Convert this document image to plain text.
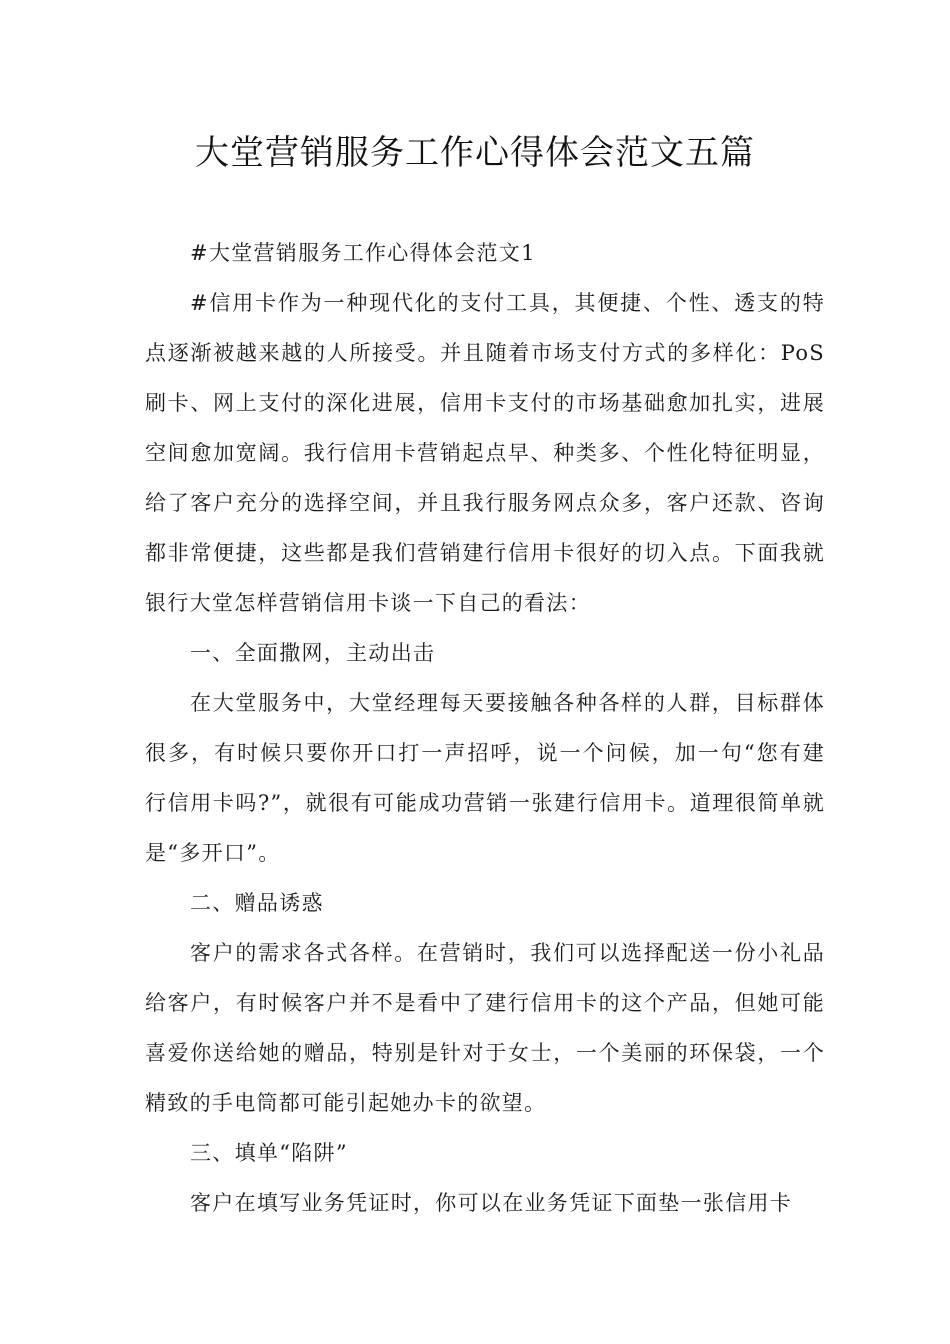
大堂营销服务工作心得体会范文五篇

#大堂营销服务工作心得体会范文1

#信用卡作为一种现代化的支付工具，其便捷、个性、透支的特点逐渐被越来越的人所接受。并且随着市场支付方式的多样化：PoS刷卡、网上支付的深化进展，信用卡支付的市场基础愈加扎实，进展空间愈加宽阔。我行信用卡营销起点早、种类多、个性化特征明显，给了客户充分的选择空间，并且我行服务网点众多，客户还款、咨询都非常便捷，这些都是我们营销建行信用卡很好的切入点。下面我就银行大堂怎样营销信用卡谈一下自己的看法：

一、全面撒网，主动出击

在大堂服务中，大堂经理每天要接触各种各样的人群，目标群体很多，有时候只要你开口打一声招呼，说一个问候，加一句“您有建行信用卡吗?”，就很有可能成功营销一张建行信用卡。道理很简单就是“多开口”。

二、赠品诱惑

客户的需求各式各样。在营销时，我们可以选择配送一份小礼品给客户，有时候客户并不是看中了建行信用卡的这个产品，但她可能喜爱你送给她的赠品，特别是针对于女士，一个美丽的环保袋，一个精致的手电筒都可能引起她办卡的欲望。

三、填单“陷阱”

客户在填写业务凭证时，你可以在业务凭证下面垫一张信用卡
